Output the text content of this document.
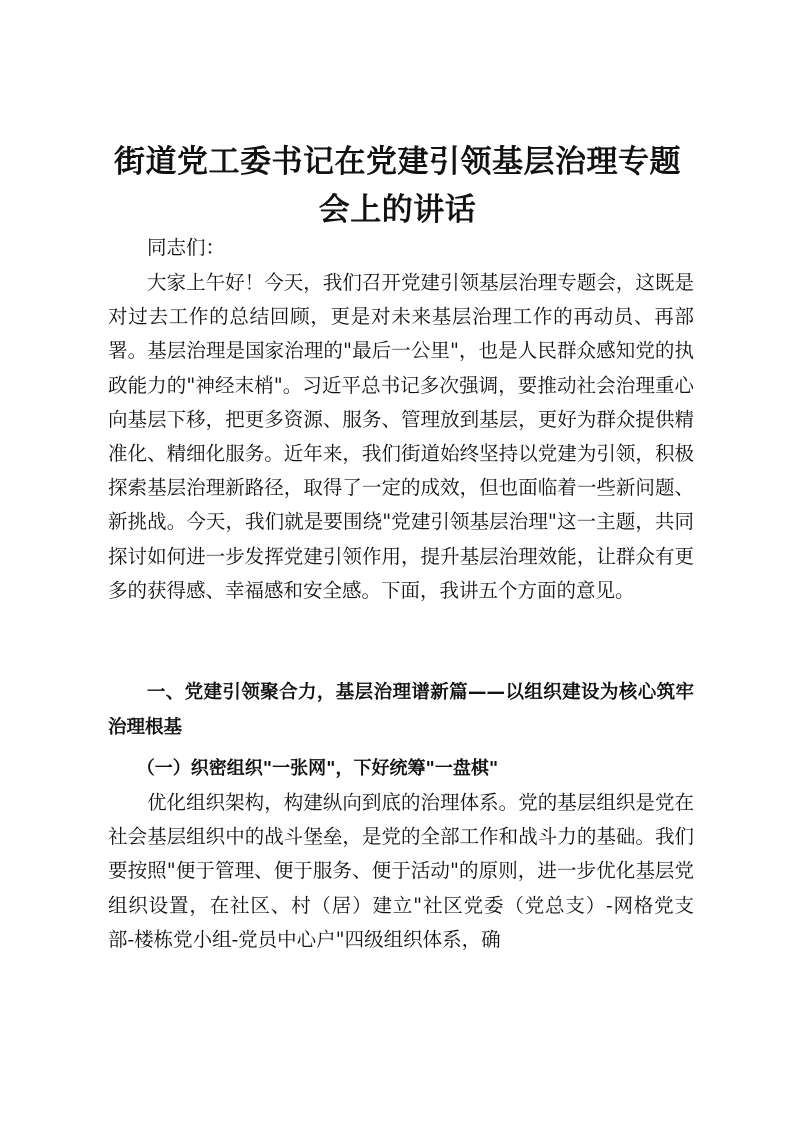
街道党工委书记在党建引领基层治理专题会上的讲话

同志们：

大家上午好！今天，我们召开党建引领基层治理专题会，这既是对过去工作的总结回顾，更是对未来基层治理工作的再动员、再部署。基层治理是国家治理的"最后一公里"，也是人民群众感知党的执政能力的"神经末梢"。习近平总书记多次强调，要推动社会治理重心向基层下移，把更多资源、服务、管理放到基层，更好为群众提供精准化、精细化服务。近年来，我们街道始终坚持以党建为引领，积极探索基层治理新路径，取得了一定的成效，但也面临着一些新问题、新挑战。今天，我们就是要围绕"党建引领基层治理"这一主题，共同探讨如何进一步发挥党建引领作用，提升基层治理效能，让群众有更多的获得感、幸福感和安全感。下面，我讲五个方面的意见。

一、党建引领聚合力，基层治理谱新篇——以组织建设为核心筑牢治理根基
（一）织密组织"一张网"，下好统筹"一盘棋"

优化组织架构，构建纵向到底的治理体系。党的基层组织是党在社会基层组织中的战斗堡垒，是党的全部工作和战斗力的基础。我们要按照"便于管理、便于服务、便于活动"的原则，进一步优化基层党组织设置，在社区、村（居）建立"社区党委（党总支）-网格党支部-楼栋党小组-党员中心户"四级组织体系，确
